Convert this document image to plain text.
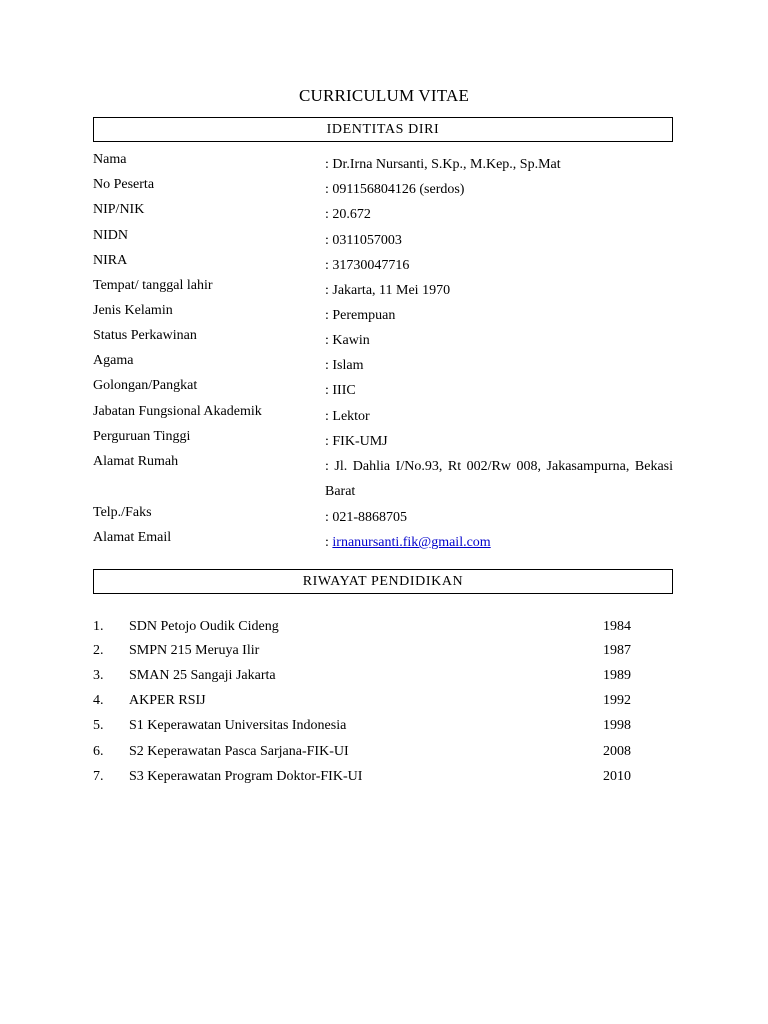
CURRICULUM VITAE
IDENTITAS DIRI
Nama	: Dr.Irna Nursanti, S.Kp., M.Kep., Sp.Mat
No Peserta	: 091156804126 (serdos)
NIP/NIK	: 20.672
NIDN	: 0311057003
NIRA	: 31730047716
Tempat/ tanggal lahir	: Jakarta, 11 Mei 1970
Jenis Kelamin	: Perempuan
Status Perkawinan	: Kawin
Agama	: Islam
Golongan/Pangkat	: IIIC
Jabatan Fungsional Akademik	: Lektor
Perguruan Tinggi	: FIK-UMJ
Alamat Rumah	: Jl. Dahlia I/No.93, Rt 002/Rw 008, Jakasampurna, Bekasi Barat
Telp./Faks	: 021-8868705
Alamat Email	: irnanursanti.fik@gmail.com
RIWAYAT PENDIDIKAN
1. SDN Petojo Oudik Cideng	1984
2. SMPN 215 Meruya Ilir	1987
3. SMAN 25 Sangaji Jakarta	1989
4. AKPER RSIJ	1992
5. S1 Keperawatan Universitas Indonesia	1998
6. S2 Keperawatan Pasca Sarjana-FIK-UI	2008
7. S3 Keperawatan Program Doktor-FIK-UI	2010
